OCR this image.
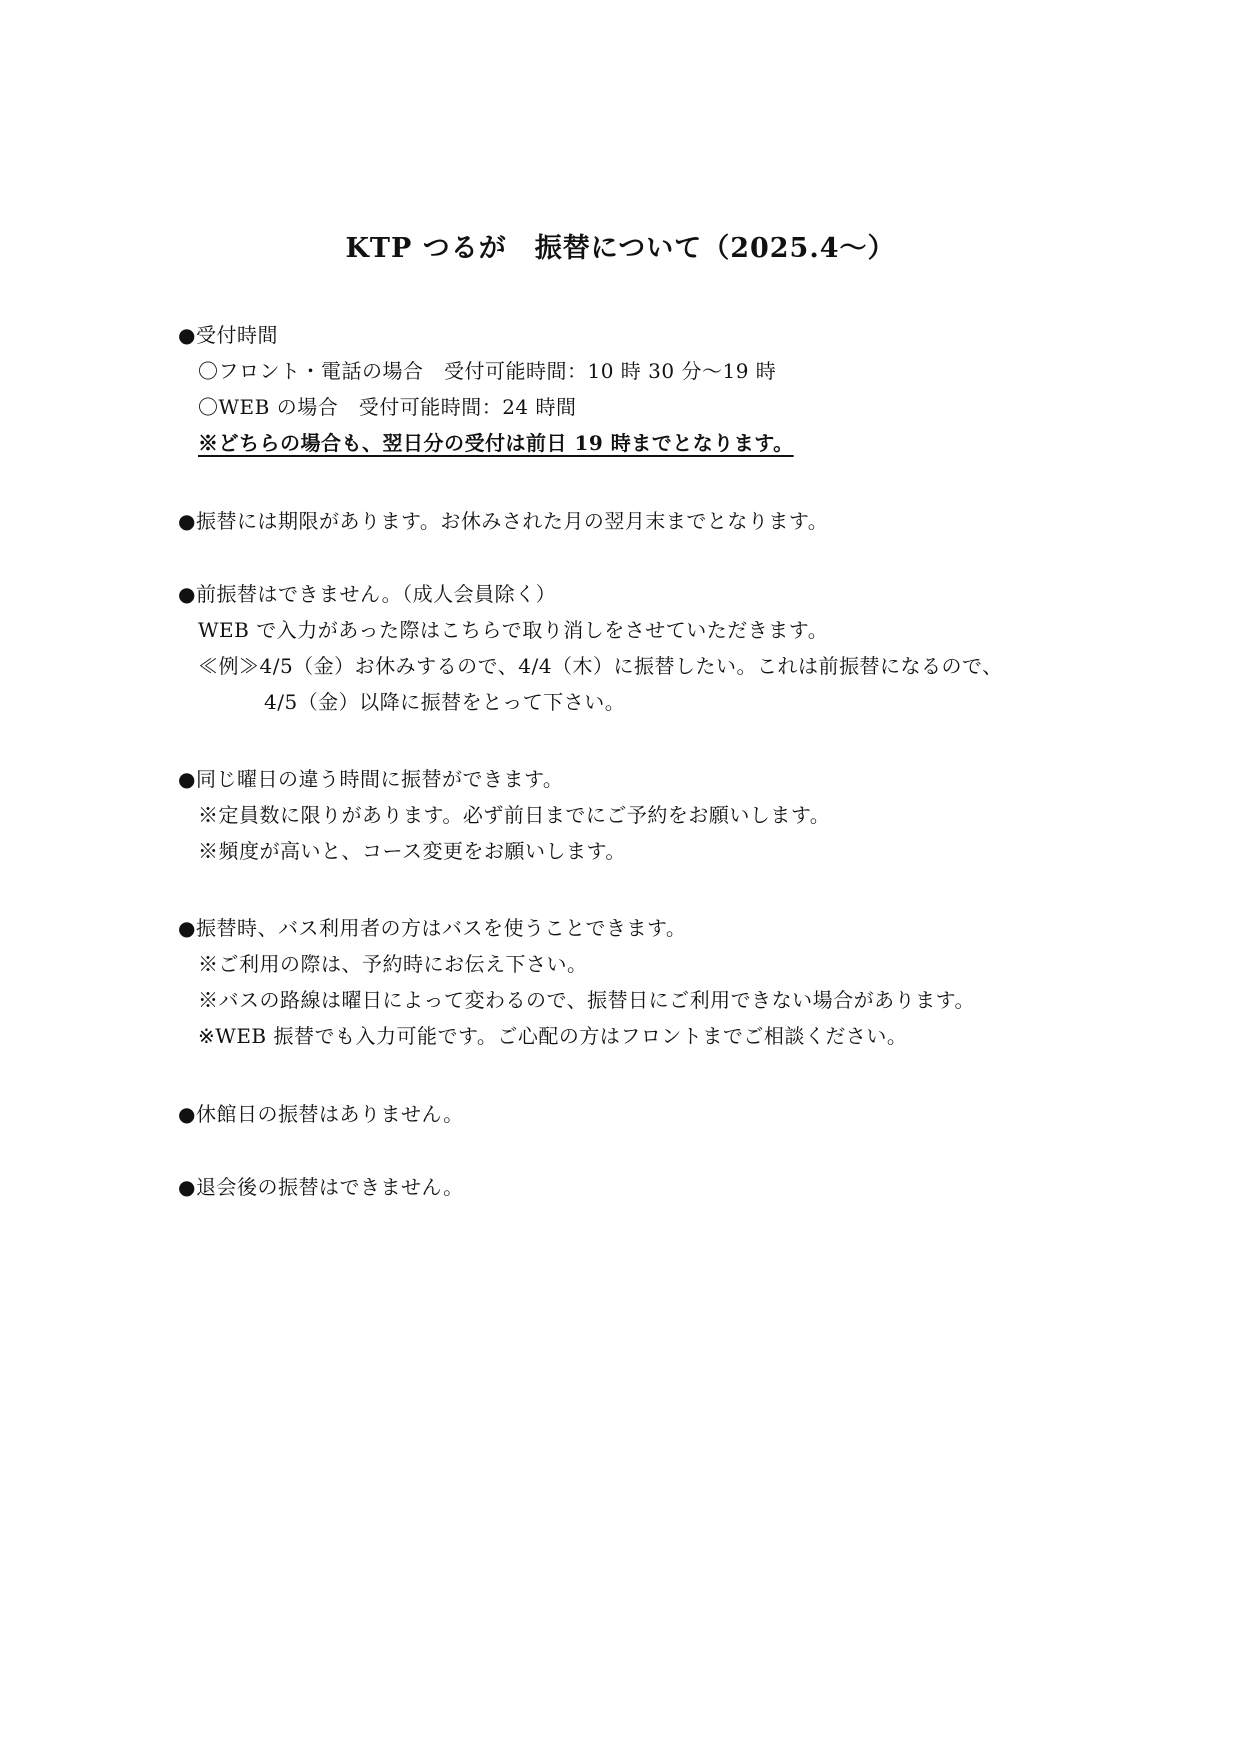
KTP つるが　振替について（2025.4～）
●受付時間
〇フロント・電話の場合　受付可能時間：10 時 30 分～19 時
〇WEB の場合　受付可能時間：24 時間
※どちらの場合も、翌日分の受付は前日 19 時までとなります。
●振替には期限があります。お休みされた月の翌月末までとなります。
●前振替はできません。（成人会員除く）
WEB で入力があった際はこちらで取り消しをさせていただきます。
≪例≫4/5（金）お休みするので、4/4（木）に振替したい。これは前振替になるので、
4/5（金）以降に振替をとって下さい。
●同じ曜日の違う時間に振替ができます。
※定員数に限りがあります。必ず前日までにご予約をお願いします。
※頻度が高いと、コース変更をお願いします。
●振替時、バス利用者の方はバスを使うことできます。
※ご利用の際は、予約時にお伝え下さい。
※バスの路線は曜日によって変わるので、振替日にご利用できない場合があります。
※WEB 振替でも入力可能です。ご心配の方はフロントまでご相談ください。
●休館日の振替はありません。
●退会後の振替はできません。
